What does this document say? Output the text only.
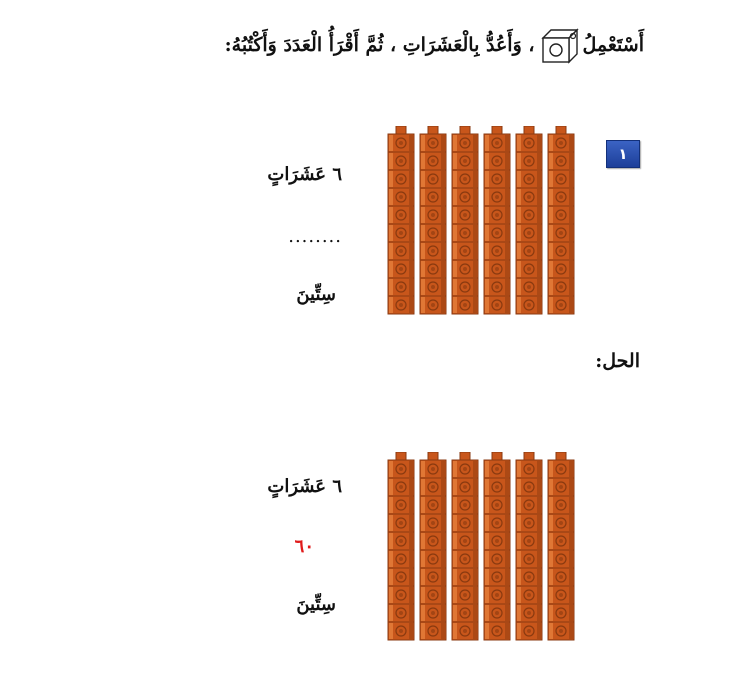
أَسْتَعْمِلُ
، وَأَعُدُّ بِالْعَشَرَاتِ ، ثُمَّ أَقْرَأُ الْعَدَدَ وَأَكْتُبُهُ:
١
٦ عَشَرَاتٍ
........
سِتِّينَ
الحل:
٦ عَشَرَاتٍ
٦٠
سِتِّينَ
